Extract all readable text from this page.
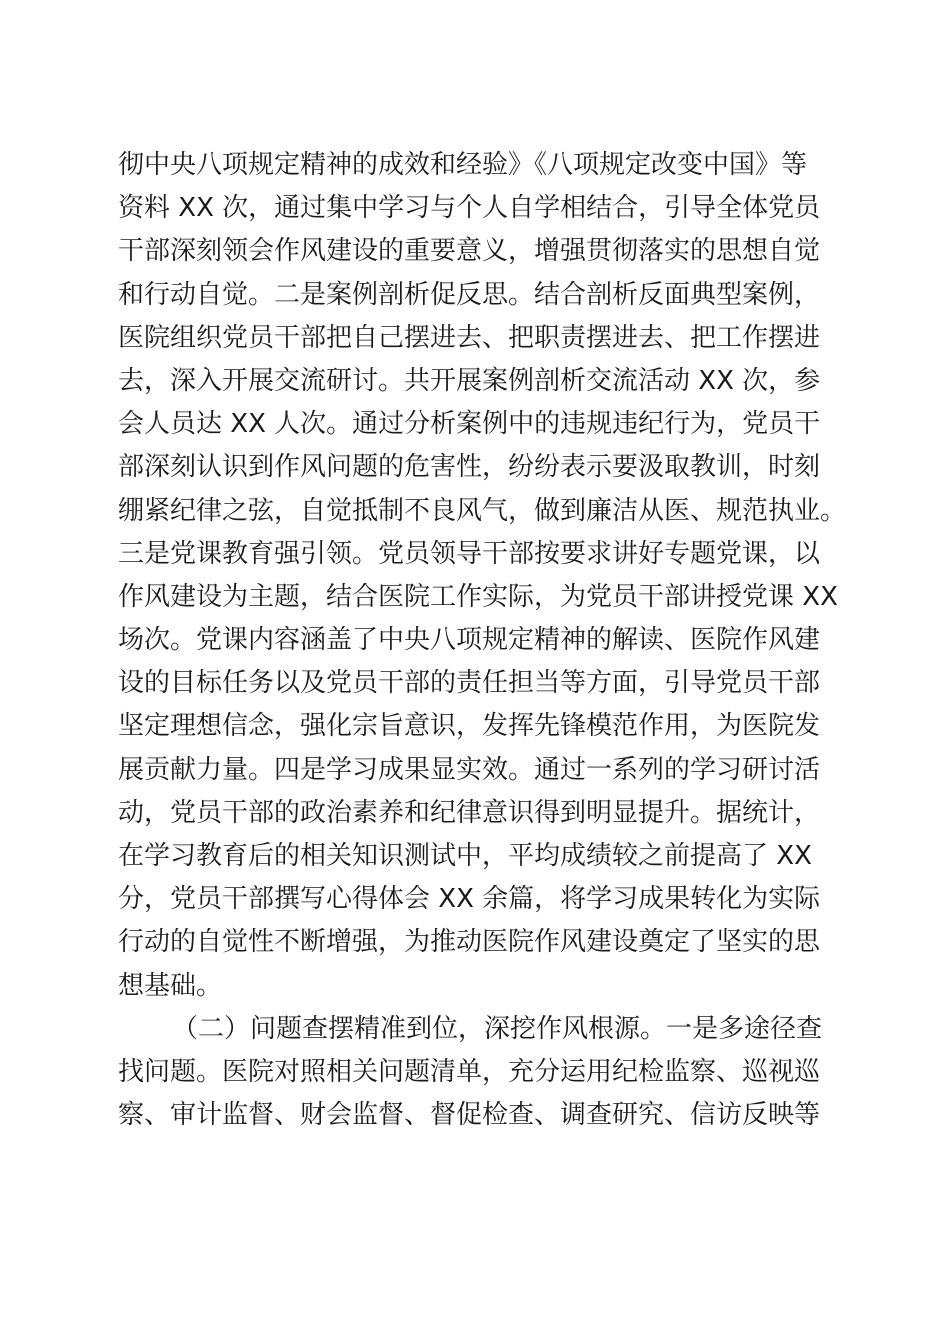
彻中央八项规定精神的成效和经验》《八项规定改变中国》等
资料 XX 次，通过集中学习与个人自学相结合，引导全体党员
干部深刻领会作风建设的重要意义，增强贯彻落实的思想自觉
和行动自觉。二是案例剖析促反思。结合剖析反面典型案例，
医院组织党员干部把自己摆进去、把职责摆进去、把工作摆进
去，深入开展交流研讨。共开展案例剖析交流活动 XX 次，参
会人员达 XX 人次。通过分析案例中的违规违纪行为，党员干
部深刻认识到作风问题的危害性，纷纷表示要汲取教训，时刻
绷紧纪律之弦，自觉抵制不良风气，做到廉洁从医、规范执业。
三是党课教育强引领。党员领导干部按要求讲好专题党课，以
作风建设为主题，结合医院工作实际，为党员干部讲授党课 XX
场次。党课内容涵盖了中央八项规定精神的解读、医院作风建
设的目标任务以及党员干部的责任担当等方面，引导党员干部
坚定理想信念，强化宗旨意识，发挥先锋模范作用，为医院发
展贡献力量。四是学习成果显实效。通过一系列的学习研讨活
动，党员干部的政治素养和纪律意识得到明显提升。据统计，
在学习教育后的相关知识测试中，平均成绩较之前提高了 XX
分，党员干部撰写心得体会 XX 余篇，将学习成果转化为实际
行动的自觉性不断增强，为推动医院作风建设奠定了坚实的思
想基础。
（二）问题查摆精准到位，深挖作风根源。一是多途径查
找问题。医院对照相关问题清单，充分运用纪检监察、巡视巡
察、审计监督、财会监督、督促检查、调查研究、信访反映等
